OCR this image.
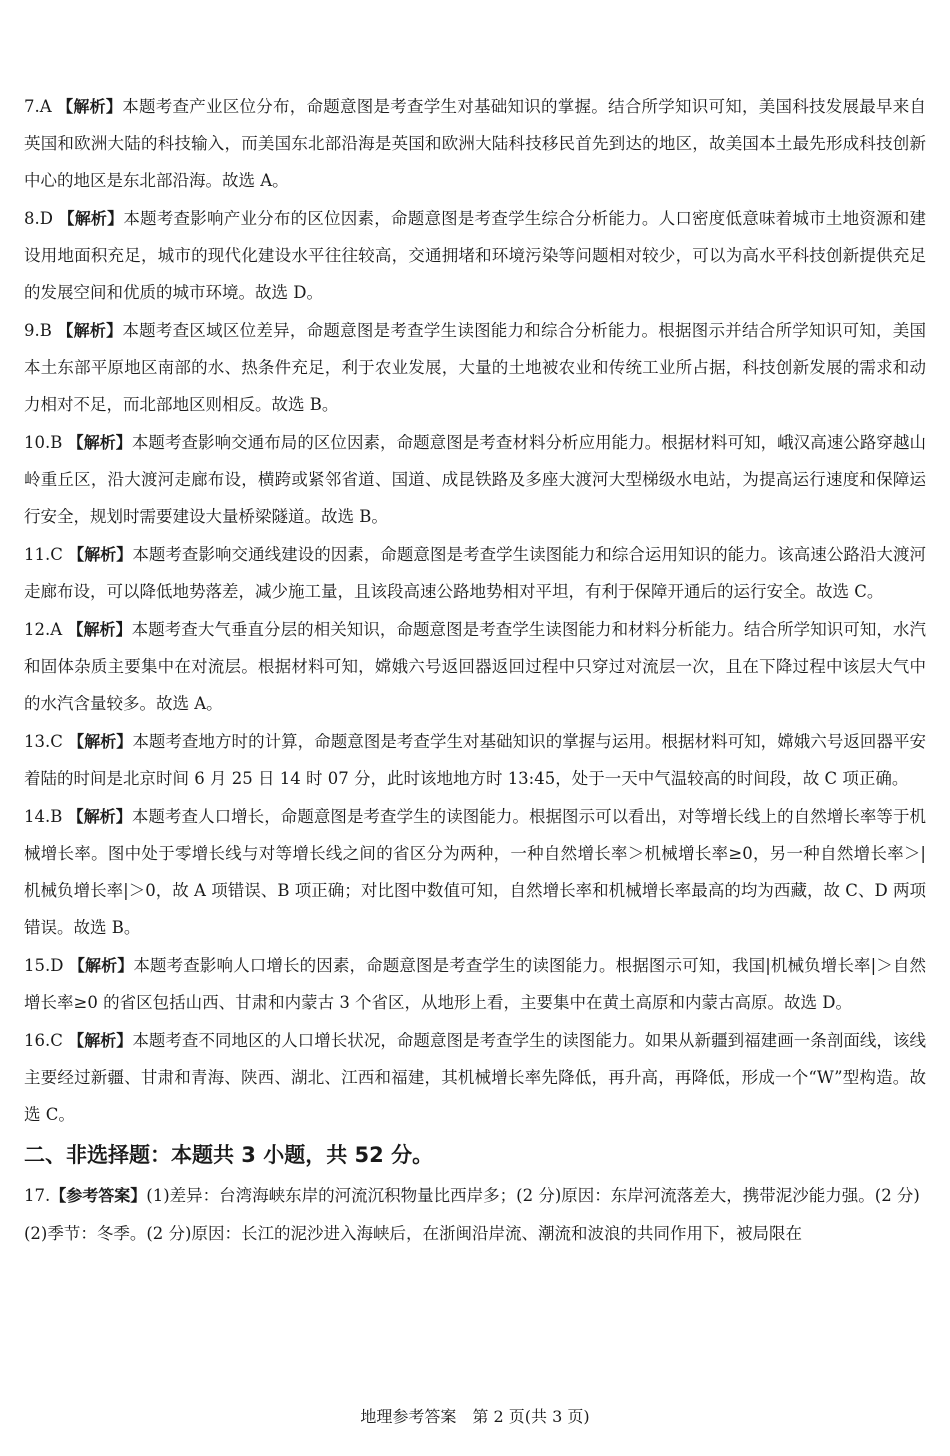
7.A 【解析】本题考查产业区位分布，命题意图是考查学生对基础知识的掌握。结合所学知识可知，美国科技发展最早来自英国和欧洲大陆的科技输入，而美国东北部沿海是英国和欧洲大陆科技移民首先到达的地区，故美国本土最先形成科技创新中心的地区是东北部沿海。故选 A。
8.D 【解析】本题考查影响产业分布的区位因素，命题意图是考查学生综合分析能力。人口密度低意味着城市土地资源和建设用地面积充足，城市的现代化建设水平往往较高，交通拥堵和环境污染等问题相对较少，可以为高水平科技创新提供充足的发展空间和优质的城市环境。故选 D。
9.B 【解析】本题考查区域区位差异，命题意图是考查学生读图能力和综合分析能力。根据图示并结合所学知识可知，美国本土东部平原地区南部的水、热条件充足，利于农业发展，大量的土地被农业和传统工业所占据，科技创新发展的需求和动力相对不足，而北部地区则相反。故选 B。
10.B 【解析】本题考查影响交通布局的区位因素，命题意图是考查材料分析应用能力。根据材料可知，峨汉高速公路穿越山岭重丘区，沿大渡河走廊布设，横跨或紧邻省道、国道、成昆铁路及多座大渡河大型梯级水电站，为提高运行速度和保障运行安全，规划时需要建设大量桥梁隧道。故选 B。
11.C 【解析】本题考查影响交通线建设的因素，命题意图是考查学生读图能力和综合运用知识的能力。该高速公路沿大渡河走廊布设，可以降低地势落差，减少施工量，且该段高速公路地势相对平坦，有利于保障开通后的运行安全。故选 C。
12.A 【解析】本题考查大气垂直分层的相关知识，命题意图是考查学生读图能力和材料分析能力。结合所学知识可知，水汽和固体杂质主要集中在对流层。根据材料可知，嫦娥六号返回器返回过程中只穿过对流层一次，且在下降过程中该层大气中的水汽含量较多。故选 A。
13.C 【解析】本题考查地方时的计算，命题意图是考查学生对基础知识的掌握与运用。根据材料可知，嫦娥六号返回器平安着陆的时间是北京时间 6 月 25 日 14 时 07 分，此时该地地方时 13:45，处于一天中气温较高的时间段，故 C 项正确。
14.B 【解析】本题考查人口增长，命题意图是考查学生的读图能力。根据图示可以看出，对等增长线上的自然增长率等于机械增长率。图中处于零增长线与对等增长线之间的省区分为两种，一种自然增长率＞机械增长率≥0，另一种自然增长率＞|机械负增长率|＞0，故 A 项错误、B 项正确；对比图中数值可知，自然增长率和机械增长率最高的均为西藏，故 C、D 两项错误。故选 B。
15.D 【解析】本题考查影响人口增长的因素，命题意图是考查学生的读图能力。根据图示可知，我国|机械负增长率|＞自然增长率≥0 的省区包括山西、甘肃和内蒙古 3 个省区，从地形上看，主要集中在黄土高原和内蒙古高原。故选 D。
16.C 【解析】本题考查不同地区的人口增长状况，命题意图是考查学生的读图能力。如果从新疆到福建画一条剖面线，该线主要经过新疆、甘肃和青海、陕西、湖北、江西和福建，其机械增长率先降低，再升高，再降低，形成一个“W”型构造。故选 C。
二、非选择题：本题共 3 小题，共 52 分。
17.【参考答案】(1)差异：台湾海峡东岸的河流沉积物量比西岸多；(2 分)原因：东岸河流落差大，携带泥沙能力强。(2 分)
(2)季节：冬季。(2 分)原因：长江的泥沙进入海峡后，在浙闽沿岸流、潮流和波浪的共同作用下，被局限在
地理参考答案　第 2 页(共 3 页)
